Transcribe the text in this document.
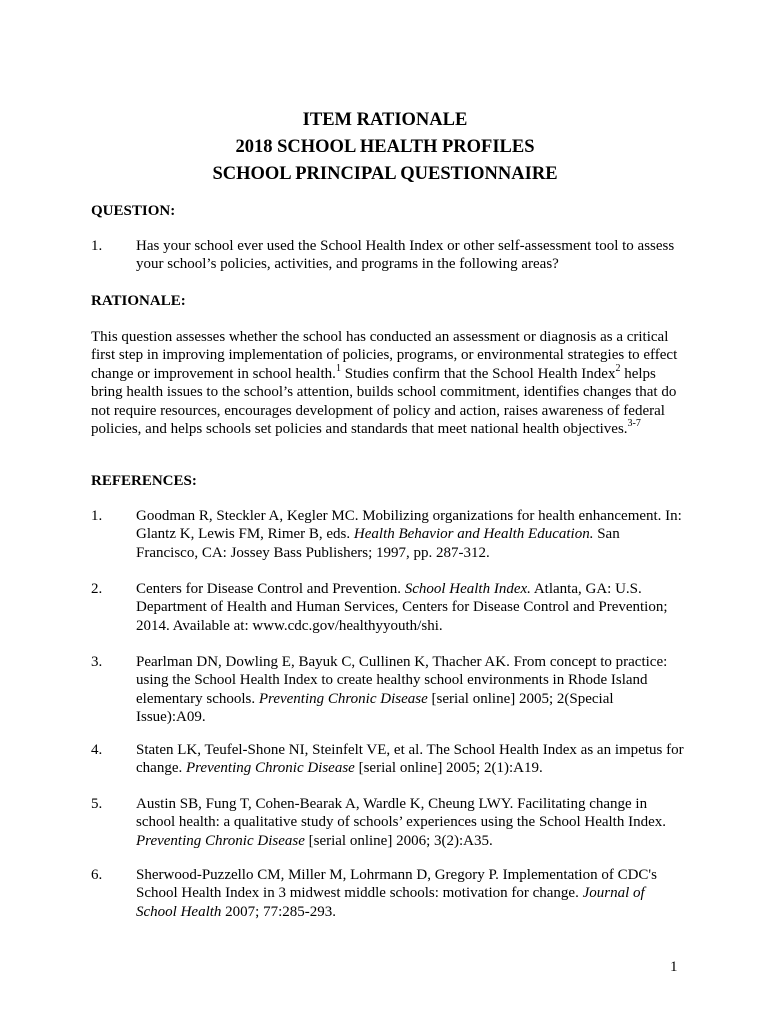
ITEM RATIONALE
2018 SCHOOL HEALTH PROFILES
SCHOOL PRINCIPAL QUESTIONNAIRE
QUESTION:
1. Has your school ever used the School Health Index or other self-assessment tool to assess your school’s policies, activities, and programs in the following areas?
RATIONALE:
This question assesses whether the school has conducted an assessment or diagnosis as a critical first step in improving implementation of policies, programs, or environmental strategies to effect change or improvement in school health.$^1$ Studies confirm that the School Health Index$^2$ helps bring health issues to the school’s attention, builds school commitment, identifies changes that do not require resources, encourages development of policy and action, raises awareness of federal policies, and helps schools set policies and standards that meet national health objectives.$^{3-7}$
REFERENCES:
1. Goodman R, Steckler A, Kegler MC. Mobilizing organizations for health enhancement. In: Glantz K, Lewis FM, Rimer B, eds. Health Behavior and Health Education. San Francisco, CA: Jossey Bass Publishers; 1997, pp. 287-312.
2. Centers for Disease Control and Prevention. School Health Index. Atlanta, GA: U.S. Department of Health and Human Services, Centers for Disease Control and Prevention; 2014. Available at: www.cdc.gov/healthyyouth/shi.
3. Pearlman DN, Dowling E, Bayuk C, Cullinen K, Thacher AK. From concept to practice: using the School Health Index to create healthy school environments in Rhode Island elementary schools. Preventing Chronic Disease [serial online] 2005; 2(Special Issue):A09.
4. Staten LK, Teufel-Shone NI, Steinfelt VE, et al. The School Health Index as an impetus for change. Preventing Chronic Disease [serial online] 2005; 2(1):A19.
5. Austin SB, Fung T, Cohen-Bearak A, Wardle K, Cheung LWY. Facilitating change in school health: a qualitative study of schools’ experiences using the School Health Index. Preventing Chronic Disease [serial online] 2006; 3(2):A35.
6. Sherwood-Puzzello CM, Miller M, Lohrmann D, Gregory P. Implementation of CDC's School Health Index in 3 midwest middle schools: motivation for change. Journal of School Health 2007; 77:285-293.
1
